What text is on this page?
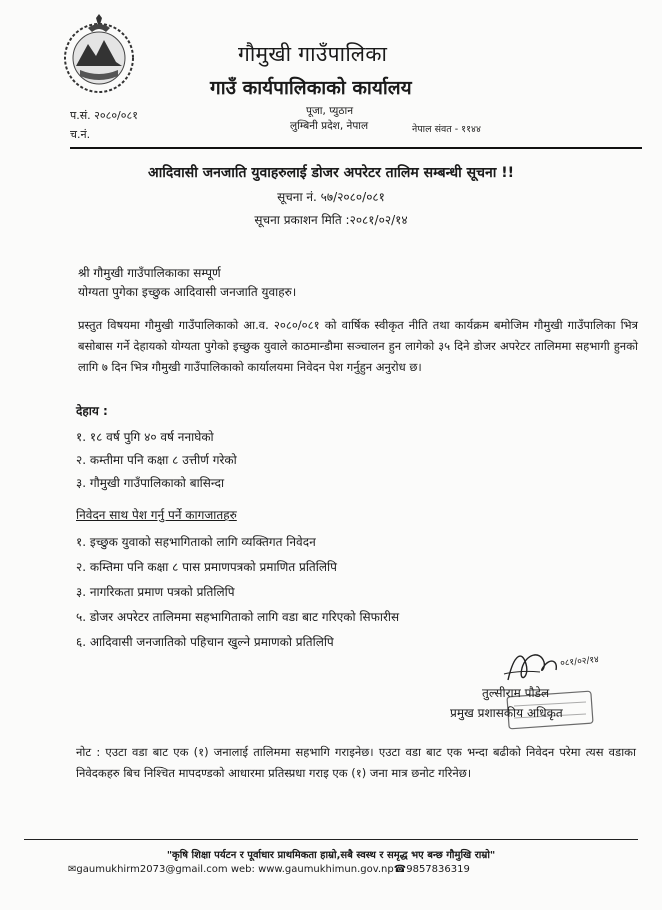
गौमुखी गाउँपालिका
गाउँ कार्यपालिकाको कार्यालय
प.सं. २०८०/०८१
च.नं.
पूजा, प्युठान
लुम्बिनी प्रदेश, नेपाल	नेपाल संवत - ११४४
आदिवासी जनजाति युवाहरुलाई डोजर अपरेटर तालिम सम्बन्धी सूचना !!
सूचना नं. ५७/२०८०/०८१
सूचना प्रकाशन मिति :२०८१/०२/१४
श्री गौमुखी गाउँपालिकाका सम्पूर्ण
योग्यता पुगेका इच्छुक आदिवासी जनजाति युवाहरु।
प्रस्तुत विषयमा गौमुखी गाउँपालिकाको आ.व. २०८०/०८१ को वार्षिक स्वीकृत नीति तथा कार्यक्रम बमोजिम गौमुखी गाउँपालिका भित्र बसोबास गर्ने देहायको योग्यता पुगेको इच्छुक युवाले काठमान्डौमा सञ्चालन हुन लागेको ३५ दिने डोजर अपरेटर तालिममा सहभागी हुनको लागि ७ दिन भित्र गौमुखी गाउँपालिकाको कार्यालयमा निवेदन पेश गर्नुहुन अनुरोध छ।
देहाय :
१. १८ वर्ष पुगि ४० वर्ष ननाघेको
२. कम्तीमा पनि कक्षा ८ उत्तीर्ण गरेको
३. गौमुखी गाउँपालिकाको बासिन्दा
निवेदन साथ पेश गर्नु पर्ने कागजातहरु
१. इच्छुक युवाको सहभागिताको लागि व्यक्तिगत निवेदन
२. कम्तिमा पनि कक्षा ८ पास प्रमाणपत्रको प्रमाणित प्रतिलिपि
३. नागरिकता प्रमाण पत्रको प्रतिलिपि
५. डोजर अपरेटर तालिममा सहभागिताको लागि वडा बाट गरिएको सिफारीस
६. आदिवासी जनजातिको पहिचान खुल्ने प्रमाणको प्रतिलिपि
०८१/०२/१४
तुल्सीराम पौडेल
प्रमुख प्रशासकीय अधिकृत
नोट : एउटा वडा बाट एक (१) जनालाई तालिममा सहभागि गराइनेछ। एउटा वडा बाट एक भन्दा बढीको निवेदन परेमा त्यस वडाका निवेदकहरु बिच निश्चित मापदण्डको आधारमा प्रतिस्प्रधा गराइ एक (१) जना मात्र छनोट गरिनेछ।
"कृषि शिक्षा पर्यटन र पूर्वाधार प्राथमिकता हाम्रो,सबै स्वस्थ र समृद्ध भए बन्छ गौमुखि राम्रो"
✉gaumukhirm2073@gmail.com web: www.gaumukhimun.gov.np☎9857836319
